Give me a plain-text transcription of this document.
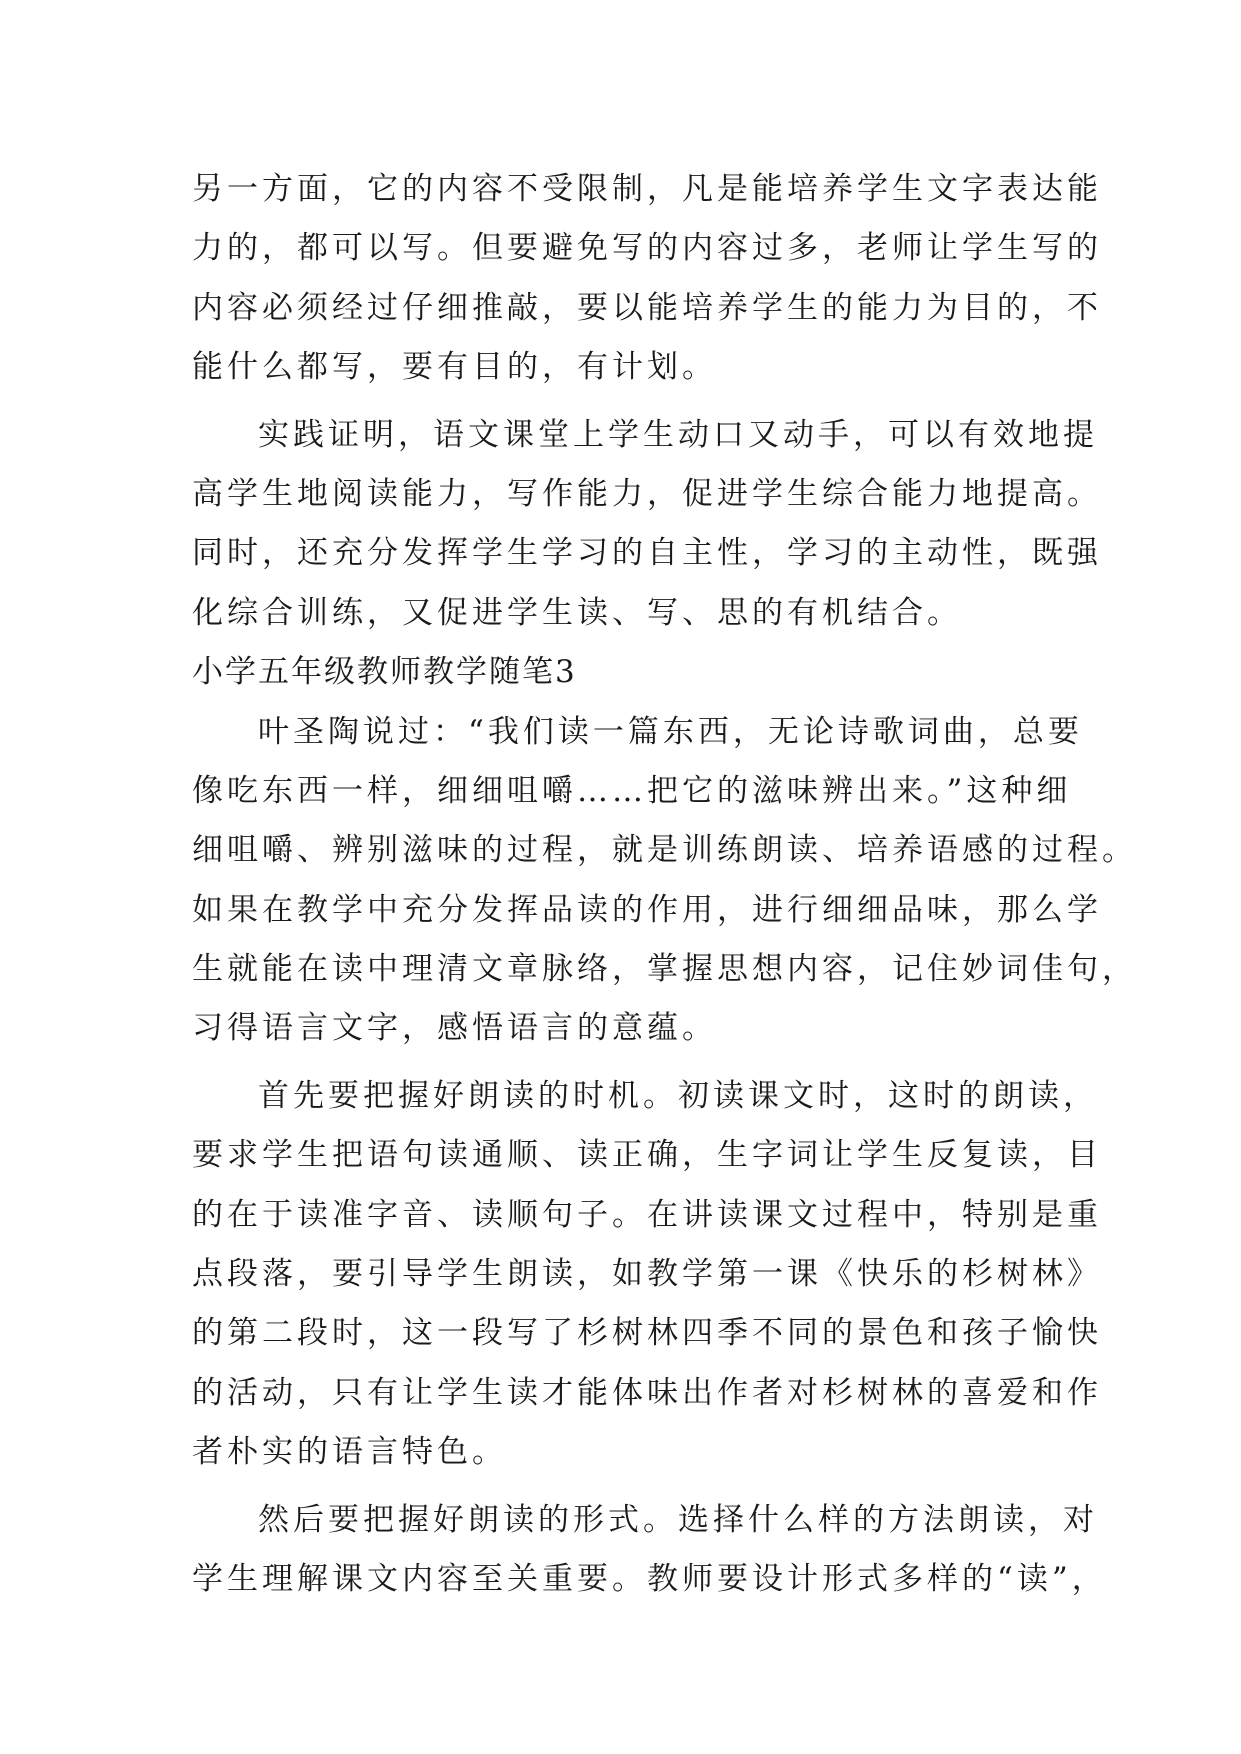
另一方面，它的内容不受限制，凡是能培养学生文字表达能
力的，都可以写。但要避免写的内容过多，老师让学生写的
内容必须经过仔细推敲，要以能培养学生的能力为目的，不
能什么都写，要有目的，有计划。
实践证明，语文课堂上学生动口又动手，可以有效地提
高学生地阅读能力，写作能力，促进学生综合能力地提高。
同时，还充分发挥学生学习的自主性，学习的主动性，既强
化综合训练，又促进学生读、写、思的有机结合。
小学五年级教师教学随笔3
叶圣陶说过：“我们读一篇东西，无论诗歌词曲，总要
像吃东西一样，细细咀嚼……把它的滋味辨出来。”这种细
细咀嚼、辨别滋味的过程，就是训练朗读、培养语感的过程。
如果在教学中充分发挥品读的作用，进行细细品味，那么学
生就能在读中理清文章脉络，掌握思想内容，记住妙词佳句，
习得语言文字，感悟语言的意蕴。
首先要把握好朗读的时机。初读课文时，这时的朗读，
要求学生把语句读通顺、读正确，生字词让学生反复读，目
的在于读准字音、读顺句子。在讲读课文过程中，特别是重
点段落，要引导学生朗读，如教学第一课《快乐的杉树林》
的第二段时，这一段写了杉树林四季不同的景色和孩子愉快
的活动，只有让学生读才能体味出作者对杉树林的喜爱和作
者朴实的语言特色。
然后要把握好朗读的形式。选择什么样的方法朗读，对
学生理解课文内容至关重要。教师要设计形式多样的“读”，
